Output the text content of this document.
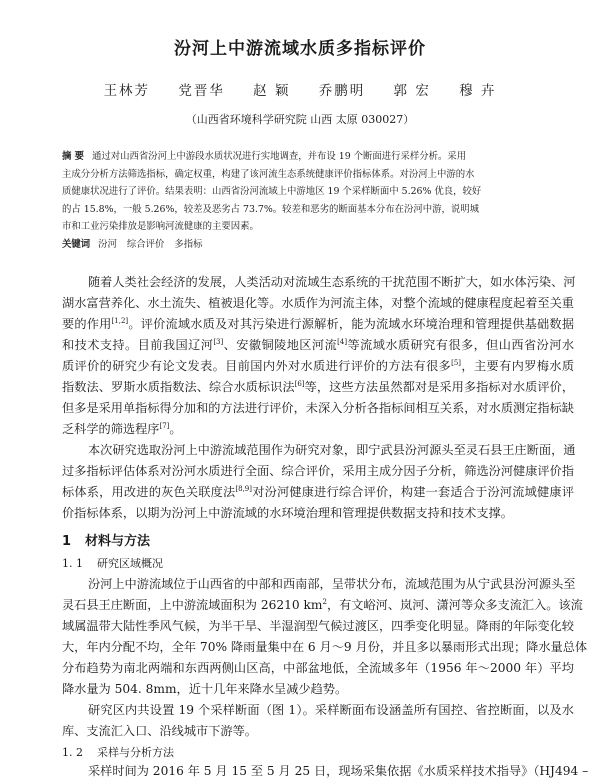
汾河上中游流域水质多指标评价
王林芳 党晋华 赵 颖 乔鹏明 郭 宏 穆 卉
（山西省环境科学研究院 山西 太原 030027）
摘 要 通过对山西省汾河上中游段水质状况进行实地调查，并布设 19 个断面进行采样分析。采用
主成分分析方法筛选指标，确定权重，构建了该河流生态系统健康评价指标体系。对汾河上中游的水
质健康状况进行了评价。结果表明：山西省汾河流域上中游地区 19 个采样断面中 5.26% 优良，较好
的占 15.8%，一般 5.26%，较差及恶劣占 73.7%。较差和恶劣的断面基本分布在汾河中游，说明城
市和工业污染排放是影响河流健康的主要因素。
关键词 汾河 综合评价 多指标
随着人类社会经济的发展，人类活动对流域生态系统的干扰范围不断扩大，如水体污染、河
湖水富营养化、水土流失、植被退化等。水质作为河流主体，对整个流域的健康程度起着至关重
要的作用[1,2]。评价流域水质及对其污染进行源解析，能为流域水环境治理和管理提供基础数据
和技术支持。目前我国辽河[3]、安徽铜陵地区河流[4]等流域水质研究有很多，但山西省汾河水
质评价的研究少有论文发表。目前国内外对水质进行评价的方法有很多[5]，主要有内罗梅水质
指数法、罗斯水质指数法、综合水质标识法[6]等，这些方法虽然都对是采用多指标对水质评价，
但多是采用单指标得分加和的方法进行评价，未深入分析各指标间相互关系，对水质测定指标缺
乏科学的筛选程序[7]。
本次研究选取汾河上中游流域范围作为研究对象，即宁武县汾河源头至灵石县王庄断面，通
过多指标评估体系对汾河水质进行全面、综合评价，采用主成分因子分析，筛选汾河健康评价指
标体系，用改进的灰色关联度法[8,9]对汾河健康进行综合评价，构建一套适合于汾河流域健康评
价指标体系，以期为汾河上中游流域的水环境治理和管理提供数据支持和技术支撑。
1 材料与方法
1. 1 研究区域概况
汾河上中游流域位于山西省的中部和西南部，呈带状分布，流域范围为从宁武县汾河源头至
灵石县王庄断面，上中游流域面积为 26210 $km^2$，有文峪河、岚河、潇河等众多支流汇入。该流
域属温带大陆性季风气候，为半干旱、半湿润型气候过渡区，四季变化明显。降雨的年际变化较
大，年内分配不均，全年 70% 降雨量集中在 6 月～9 月份，并且多以暴雨形式出现；降水量总体
分布趋势为南北两端和东西两侧山区高，中部盆地低，全流域多年（1956 年～2000 年）平均
降水量为 504. 8mm，近十几年来降水呈减少趋势。
研究区内共设置 19 个采样断面（图 1）。采样断面布设涵盖所有国控、省控断面，以及水
库、支流汇入口、沿线城市下游等。
1. 2 采样与分析方法
采样时间为 2016 年 5 月 15 至 5 月 25 日，现场采集依据《水质采样技术指导》（HJ494 –
